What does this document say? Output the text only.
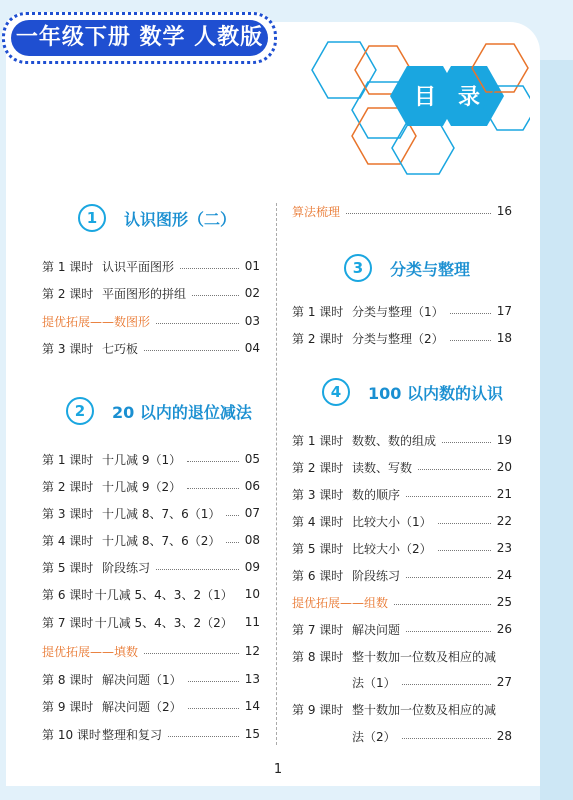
一年级下册 数学 人教版
目 录
1	认识图形（二）
第 1 课时 认识平面图形	01
第 2 课时 平面图形的拼组	02
提优拓展——数图形	03
第 3 课时 七巧板	04
2	20 以内的退位减法
第 1 课时 十几减 9（1）	05
第 2 课时 十几减 9（2）	06
第 3 课时 十几减 8、7、6（1） 07
第 4 课时 十几减 8、7、6（2） 08
第 5 课时 阶段练习	09
第 6 课时 十几减 5、4、3、2（1） 10
第 7 课时 十几减 5、4、3、2（2） 11
提优拓展——填数	12
第 8 课时 解决问题（1）	13
第 9 课时 解决问题（2）	14
第 10 课时 整理和复习	15
算法梳理	16
3	分类与整理
第 1 课时 分类与整理（1）	17
第 2 课时 分类与整理（2）	18
4	100 以内数的认识
第 1 课时 数数、数的组成	19
第 2 课时 读数、写数	20
第 3 课时 数的顺序	21
第 4 课时 比较大小（1）	22
第 5 课时 比较大小（2）	23
第 6 课时 阶段练习	24
提优拓展——组数	25
第 7 课时 解决问题	26
第 8 课时 整十数加一位数及相应的减
法（1）	27
第 9 课时 整十数加一位数及相应的减
法（2）	28
1
